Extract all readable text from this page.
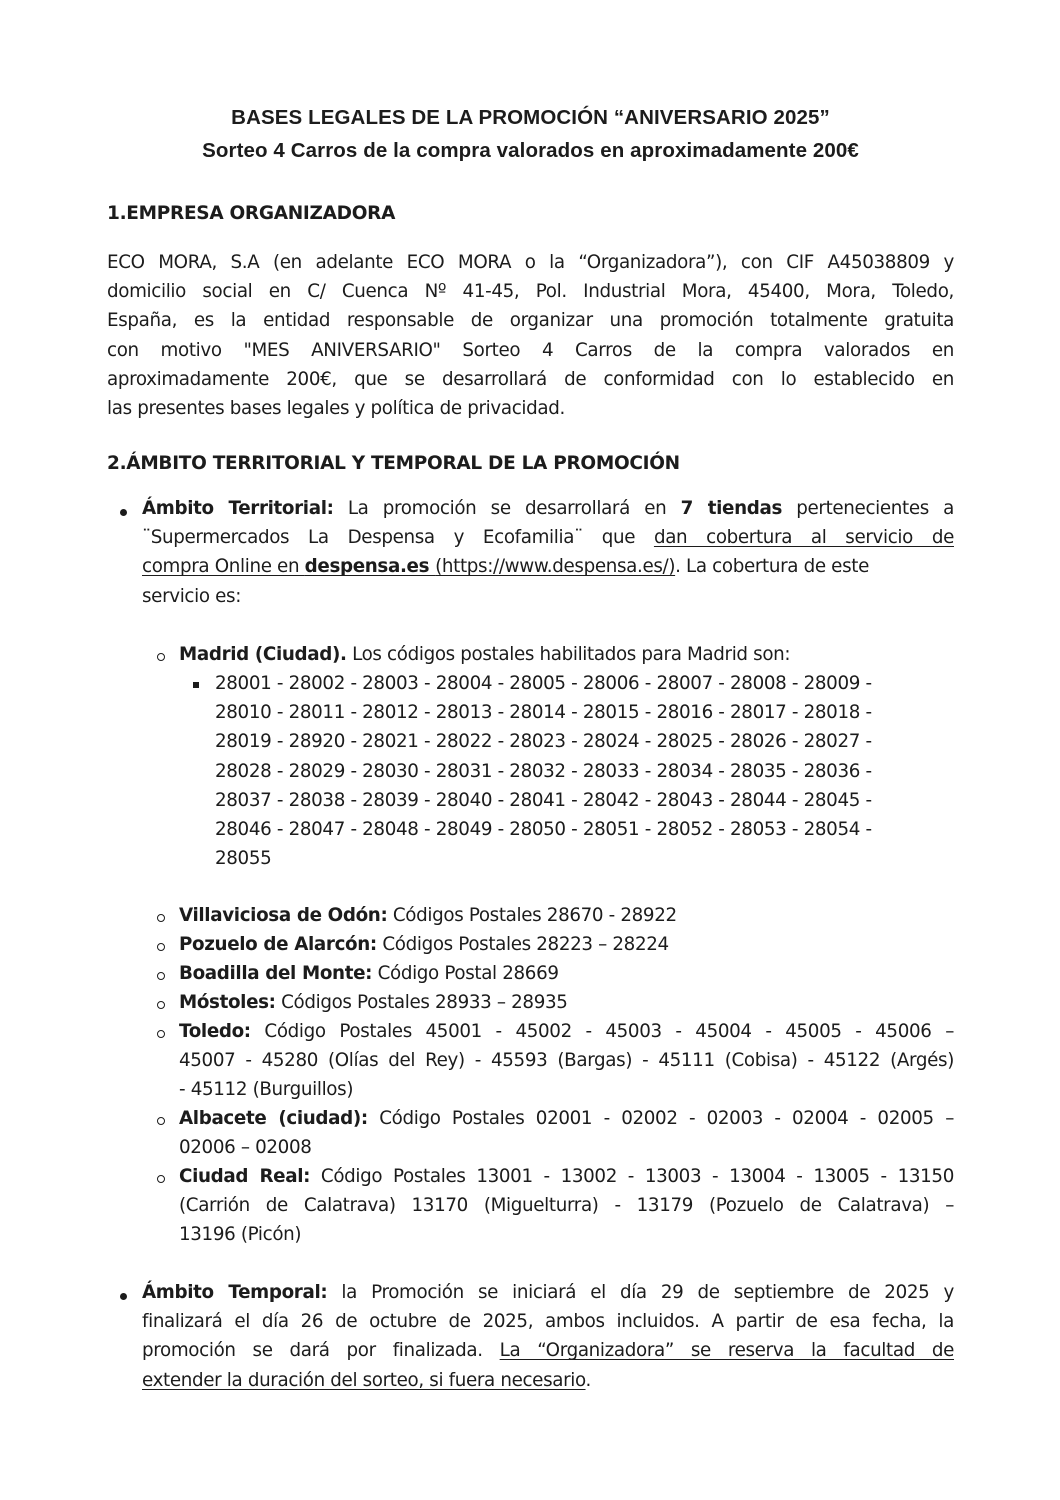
BASES LEGALES DE LA PROMOCIÓN “ANIVERSARIO 2025”
Sorteo 4 Carros de la compra valorados en aproximadamente 200€
1.EMPRESA ORGANIZADORA
ECO MORA, S.A (en adelante ECO MORA o la “Organizadora”), con CIF A45038809 y
domicilio social en C/ Cuenca Nº 41-45, Pol. Industrial Mora, 45400, Mora, Toledo,
España, es la entidad responsable de organizar una promoción totalmente gratuita
con motivo "MES ANIVERSARIO" Sorteo 4 Carros de la compra valorados en
aproximadamente 200€, que se desarrollará de conformidad con lo establecido en
las presentes bases legales y política de privacidad.
2.ÁMBITO TERRITORIAL Y TEMPORAL DE LA PROMOCIÓN
Ámbito Territorial: La promoción se desarrollará en 7 tiendas pertenecientes a
¨Supermercados La Despensa y Ecofamilia¨ que dan cobertura al servicio de
compra Online en despensa.es (https://www.despensa.es/). La cobertura de este
servicio es:
Madrid (Ciudad). Los códigos postales habilitados para Madrid son:
28001 - 28002 - 28003 - 28004 - 28005 - 28006 - 28007 - 28008 - 28009 -
28010 - 28011 - 28012 - 28013 - 28014 - 28015 - 28016 - 28017 - 28018 -
28019 - 28920 - 28021 - 28022 - 28023 - 28024 - 28025 - 28026 - 28027 -
28028 - 28029 - 28030 - 28031 - 28032 - 28033 - 28034 - 28035 - 28036 -
28037 - 28038 - 28039 - 28040 - 28041 - 28042 - 28043 - 28044 - 28045 -
28046 - 28047 - 28048 - 28049 - 28050 - 28051 - 28052 - 28053 - 28054 -
28055
Villaviciosa de Odón: Códigos Postales 28670 - 28922
Pozuelo de Alarcón: Códigos Postales 28223 – 28224
Boadilla del Monte: Código Postal 28669
Móstoles: Códigos Postales 28933 – 28935
Toledo: Código Postales 45001 - 45002 - 45003 - 45004 - 45005 - 45006 –
45007 - 45280 (Olías del Rey) - 45593 (Bargas) - 45111 (Cobisa) - 45122 (Argés)
- 45112 (Burguillos)
Albacete (ciudad): Código Postales 02001 - 02002 - 02003 - 02004 - 02005 –
02006 – 02008
Ciudad Real: Código Postales 13001 - 13002 - 13003 - 13004 - 13005 - 13150
(Carrión de Calatrava) 13170 (Miguelturra) - 13179 (Pozuelo de Calatrava) –
13196 (Picón)
Ámbito Temporal: la Promoción se iniciará el día 29 de septiembre de 2025 y
finalizará el día 26 de octubre de 2025, ambos incluidos. A partir de esa fecha, la
promoción se dará por finalizada. La “Organizadora” se reserva la facultad de
extender la duración del sorteo, si fuera necesario.
